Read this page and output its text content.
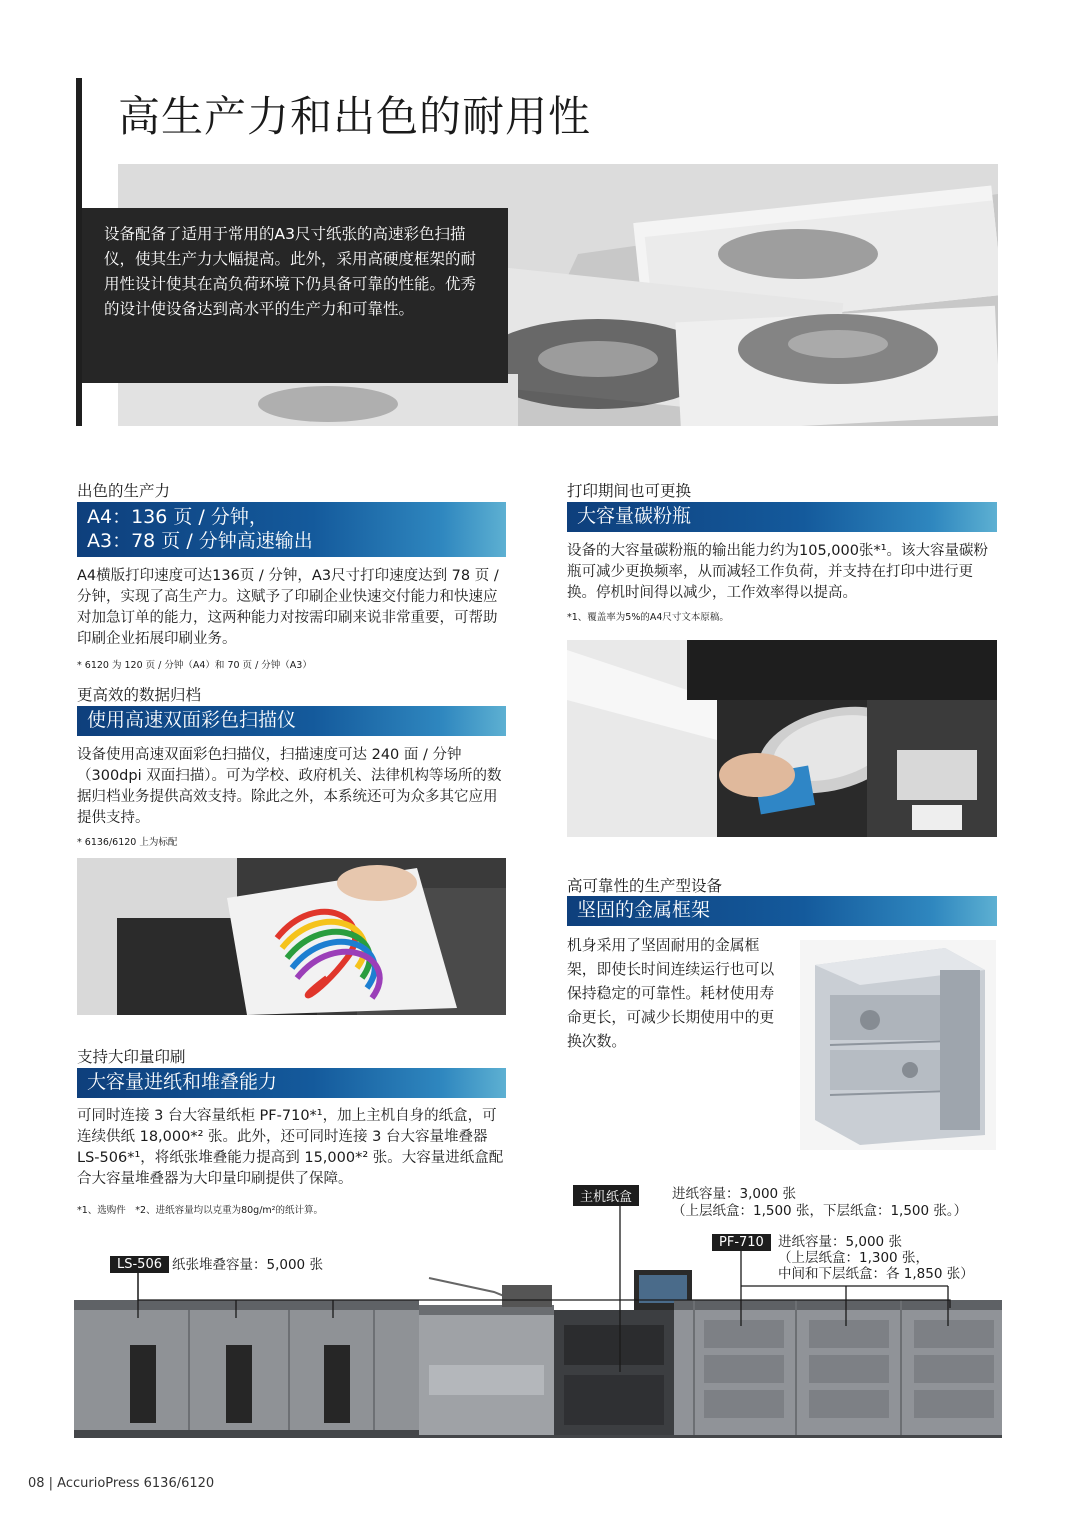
高生产力和出色的耐用性
设备配备了适用于常用的A3尺寸纸张的高速彩色扫描仪，使其生产力大幅提高。此外，采用高硬度框架的耐用性设计使其在高负荷环境下仍具备可靠的性能。优秀的设计使设备达到高水平的生产力和可靠性。
出色的生产力
A4：136 页 / 分钟，
A3：78 页 / 分钟高速输出
A4横版打印速度可达136页 / 分钟，A3尺寸打印速度达到 78 页 / 分钟，实现了高生产力。这赋予了印刷企业快速交付能力和快速应对加急订单的能力，这两种能力对按需印刷来说非常重要，可帮助印刷企业拓展印刷业务。
* 6120 为 120 页 / 分钟（A4）和 70 页 / 分钟（A3）
更高效的数据归档
使用高速双面彩色扫描仪
设备使用高速双面彩色扫描仪，扫描速度可达 240 面 / 分钟（300dpi 双面扫描）。可为学校、政府机关、法律机构等场所的数据归档业务提供高效支持。除此之外，本系统还可为众多其它应用提供支持。
* 6136/6120 上为标配
支持大印量印刷
大容量进纸和堆叠能力
可同时连接 3 台大容量纸柜 PF-710*¹，加上主机自身的纸盒，可连续供纸 18,000*² 张。此外，还可同时连接 3 台大容量堆叠器 LS-506*¹，将纸张堆叠能力提高到 15,000*² 张。大容量进纸盒配合大容量堆叠器为大印量印刷提供了保障。
*1、选购件　*2、进纸容量均以克重为80g/m²的纸计算。
打印期间也可更换
大容量碳粉瓶
设备的大容量碳粉瓶的输出能力约为105,000张*¹。该大容量碳粉瓶可减少更换频率，从而减轻工作负荷，并支持在打印中进行更换。停机时间得以减少，工作效率得以提高。
*1、覆盖率为5%的A4尺寸文本原稿。
高可靠性的生产型设备
坚固的金属框架
机身采用了坚固耐用的金属框架，即使长时间连续运行也可以保持稳定的可靠性。耗材使用寿命更长，可减少长期使用中的更换次数。
主机纸盒	进纸容量：3,000 张
（上层纸盒：1,500 张，下层纸盒：1,500 张。）
PF-710	进纸容量：5,000 张
（上层纸盒：1,300 张，
中间和下层纸盒：各 1,850 张）
LS-506 纸张堆叠容量：5,000 张
08 | AccurioPress 6136/6120
